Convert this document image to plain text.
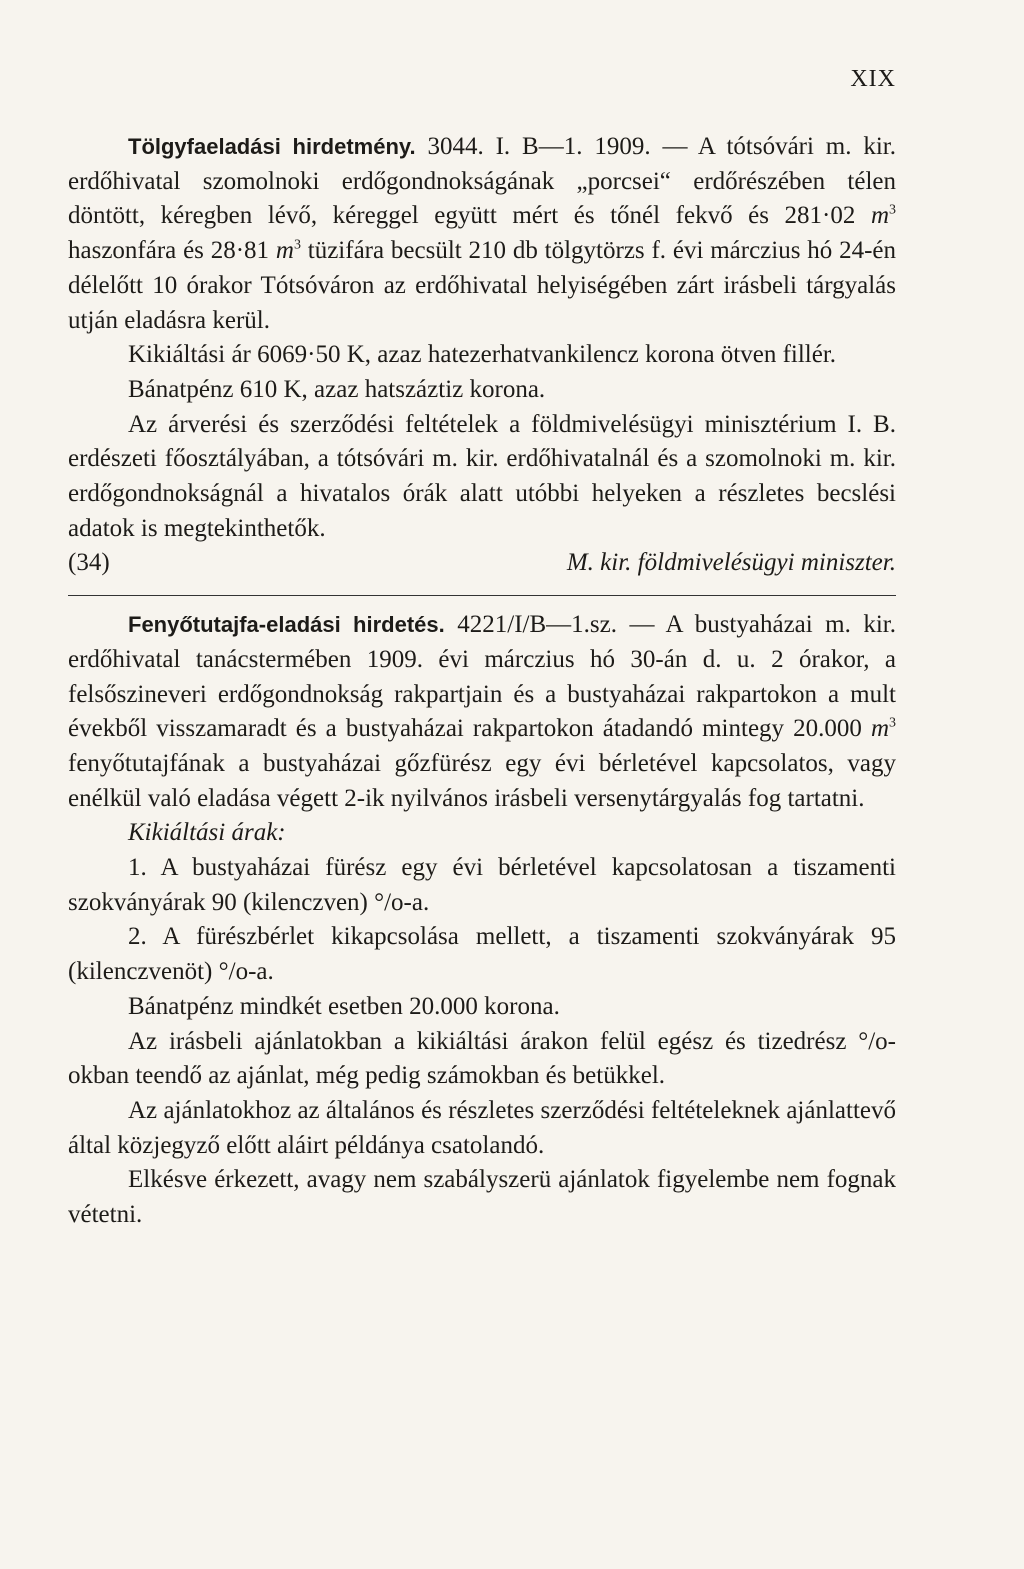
XIX

Tölgyfaeladási hirdetmény. 3044. I. B—1. 1909. — A tótsóvári m. kir. erdőhivatal szomolnoki erdőgondnokságának „porcsei“ erdőrészében télen döntött, kéregben lévő, kéreggel együtt mért és tőnél fekvő és 281·02 $m^3$ haszonfára és 28·81 $m^3$ tüzifára becsült 210 db tölgytörzs f. évi márczius hó 24-én délelőtt 10 órakor Tótsóváron az erdőhivatal helyiségében zárt irásbeli tárgyalás utján eladásra kerül.

Kikiáltási ár 6069·50 K, azaz hatezerhatvankilencz korona ötven fillér.

Bánatpénz 610 K, azaz hatszáztiz korona.

Az árverési és szerződési feltételek a földmivelésügyi minisztérium I. B. erdészeti főosztályában, a tótsóvári m. kir. erdőhivatalnál és a szomolnoki m. kir. erdőgondnokságnál a hivatalos órák alatt utóbbi helyeken a részletes becslési adatok is megtekinthetők.

(34)	M. kir. földmivelésügyi miniszter.

Fenyőtutajfa-eladási hirdetés. 4221/I/B—1.sz. — A bustyaházai m. kir. erdőhivatal tanácstermében 1909. évi márczius hó 30-án d. u. 2 órakor, a felsőszineveri erdőgondnokság rakpartjain és a bustyaházai rakpartokon a mult évekből visszamaradt és a bustyaházai rakpartokon átadandó mintegy 20.000 $m^3$ fenyőtutajfának a bustyaházai gőzfürész egy évi bérletével kapcsolatos, vagy enélkül való eladása végett 2-ik nyilvános irásbeli versenytárgyalás fog tartatni.

Kikiáltási árak:

1. A bustyaházai fürész egy évi bérletével kapcsolatosan a tiszamenti szokványárak 90 (kilenczven) °/o-a.

2. A fürészbérlet kikapcsolása mellett, a tiszamenti szokványárak 95 (kilenczvenöt) °/o-a.

Bánatpénz mindkét esetben 20.000 korona.

Az irásbeli ajánlatokban a kikiáltási árakon felül egész és tizedrész °/o-okban teendő az ajánlat, még pedig számokban és betükkel.

Az ajánlatokhoz az általános és részletes szerződési feltételeknek ajánlattevő által közjegyző előtt aláirt példánya csatolandó.

Elkésve érkezett, avagy nem szabályszerü ajánlatok figyelembe nem fognak vétetni.
